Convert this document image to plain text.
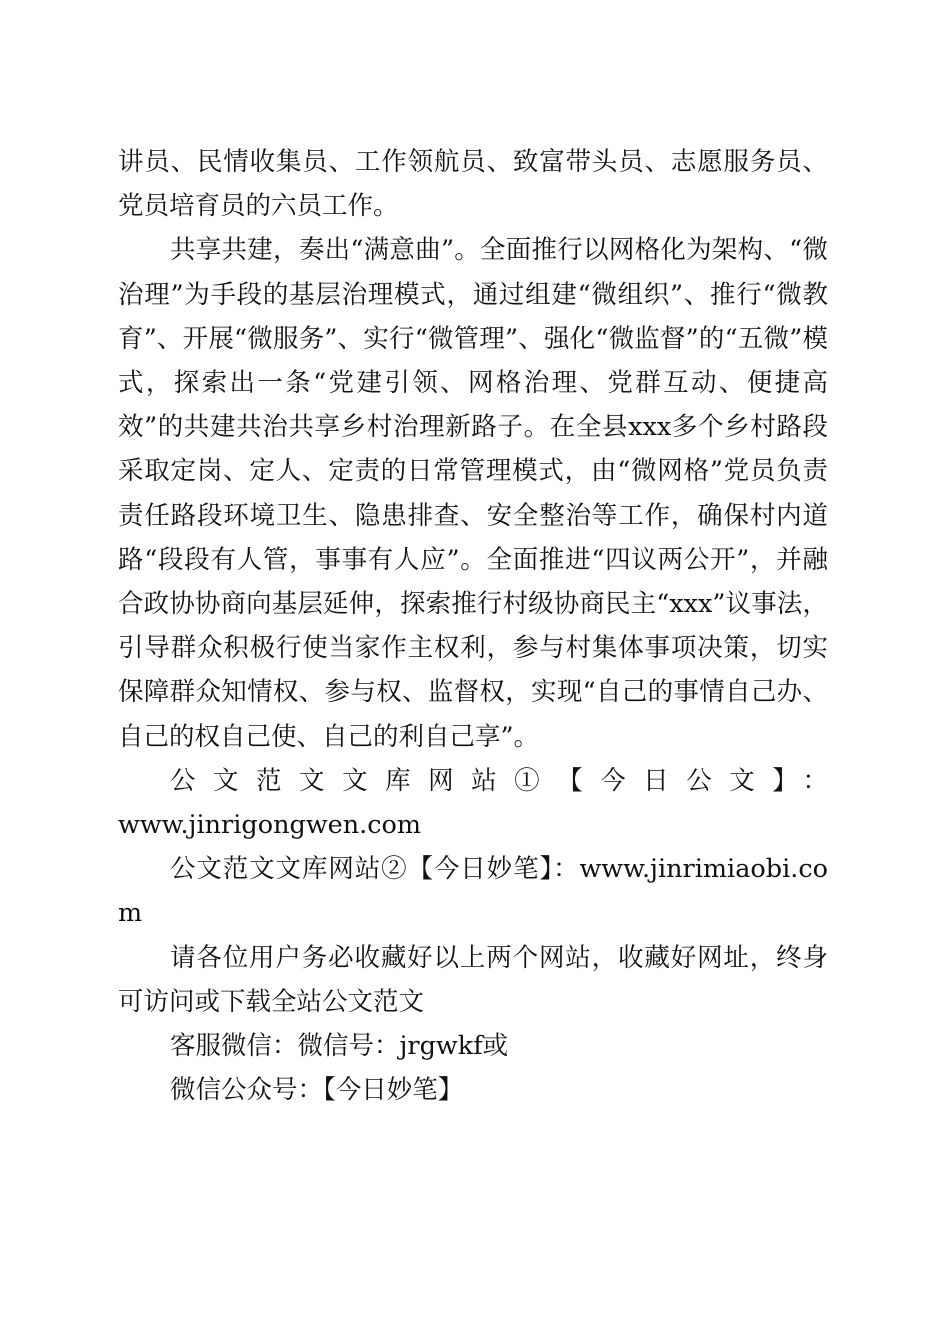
讲员、民情收集员、工作领航员、致富带头员、志愿服务员、党员培育员的六员工作。

共享共建，奏出“满意曲”。全面推行以网格化为架构、“微治理”为手段的基层治理模式，通过组建“微组织”、推行“微教育”、开展“微服务”、实行“微管理”、强化“微监督”的“五微”模式，探索出一条“党建引领、网格治理、党群互动、便捷高效”的共建共治共享乡村治理新路子。在全县xxx多个乡村路段采取定岗、定人、定责的日常管理模式，由“微网格”党员负责责任路段环境卫生、隐患排查、安全整治等工作，确保村内道路“段段有人管，事事有人应”。全面推进“四议两公开”，并融合政协协商向基层延伸，探索推行村级协商民主“xxx”议事法，引导群众积极行使当家作主权利，参与村集体事项决策，切实保障群众知情权、参与权、监督权，实现“自己的事情自己办、自己的权自己使、自己的利自己享”。

公文范文文库网站①【今日公文】：

www.jinrigongwen.com

公文范文文库网站②【今日妙笔】：www.jinrimiaobi.com

请各位用户务必收藏好以上两个网站，收藏好网址，终身可访问或下载全站公文范文

客服微信：微信号：jrgwkf或

微信公众号：【今日妙笔】
